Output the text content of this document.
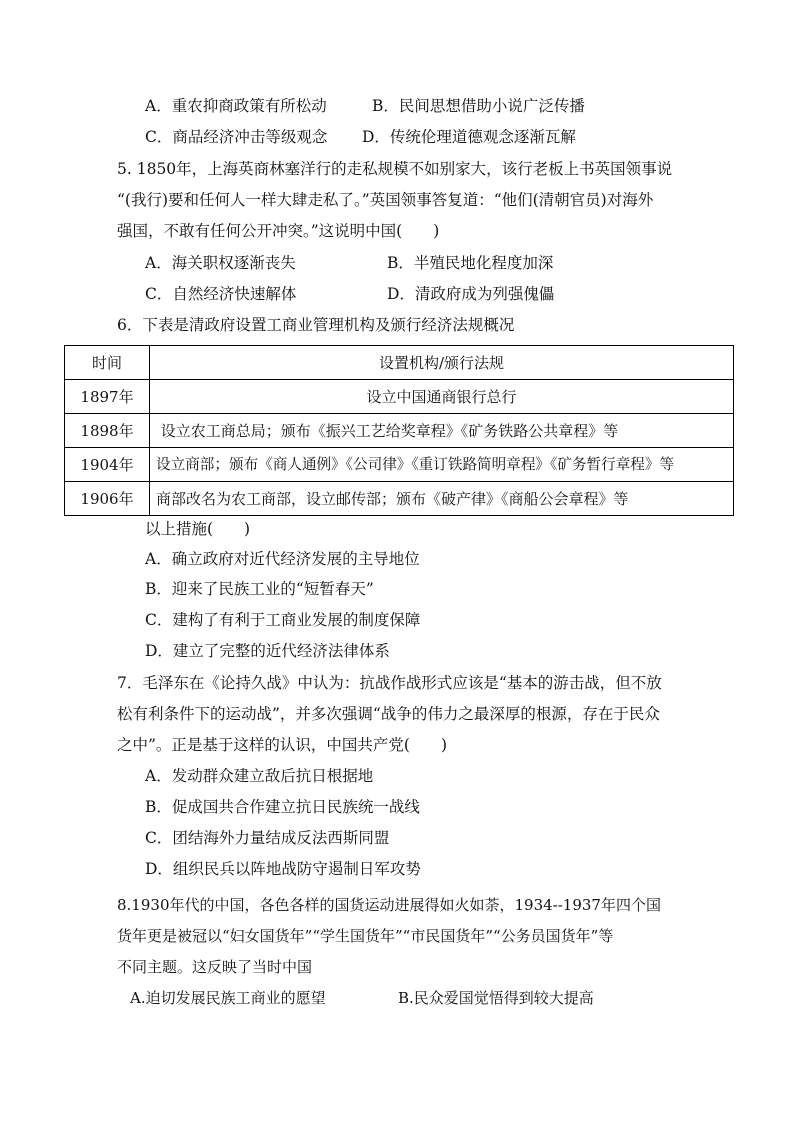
A．重农抑商政策有所松动	B．民间思想借助小说广泛传播
C．商品经济冲击等级观念 D．传统伦理道德观念逐渐瓦解
5. 1850年，上海英商林塞洋行的走私规模不如别家大，该行老板上书英国领事说
“(我行)要和任何人一样大肆走私了。”英国领事答复道：“他们(清朝官员)对海外
强国，不敢有任何公开冲突。”这说明中国(　　)
A．海关职权逐渐丧失	B．半殖民地化程度加深
C．自然经济快速解体	D．清政府成为列强傀儡
6．下表是清政府设置工商业管理机构及颁行经济法规概况
时间	设置机构/颁行法规
1897年	设立中国通商银行总行
1898年	设立农工商总局；颁布《振兴工艺给奖章程》《矿务铁路公共章程》等
1904年	设立商部；颁布《商人通例》《公司律》《重订铁路简明章程》《矿务暂行章程》等
1906年	商部改名为农工商部，设立邮传部；颁布《破产律》《商船公会章程》等
以上措施(　　)
A．确立政府对近代经济发展的主导地位
B．迎来了民族工业的“短暂春天”
C．建构了有利于工商业发展的制度保障
D．建立了完整的近代经济法律体系
7．毛泽东在《论持久战》中认为：抗战作战形式应该是“基本的游击战，但不放
松有利条件下的运动战”，并多次强调“战争的伟力之最深厚的根源，存在于民众
之中”。正是基于这样的认识，中国共产党(　　)
A．发动群众建立敌后抗日根据地
B．促成国共合作建立抗日民族统一战线
C．团结海外力量结成反法西斯同盟
D．组织民兵以阵地战防守遏制日军攻势
8.1930年代的中国，各色各样的国货运动进展得如火如荼，1934--1937年四个国
货年更是被冠以“妇女国货年”“学生国货年”“市民国货年”“公务员国货年”等
不同主题。这反映了当时中国
A.迫切发展民族工商业的愿望	B.民众爱国觉悟得到较大提高
